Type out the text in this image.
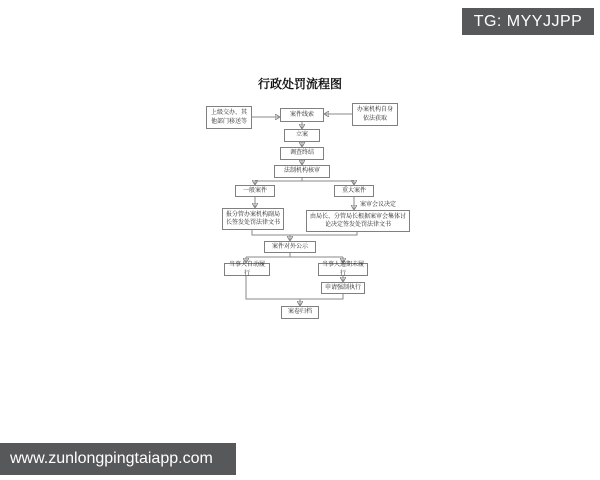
行政处罚流程图
上级交办、其他部门移送等
办案机构自身依法获取
案件线索
立案
调查终结
法制机构核审
一般案件	重大案件
案审会议决定
报分管办案机构副局长签发处罚法律文书
由局长、分管局长根据案审会集体讨论决定签发处罚法律文书
案件对外公示
当事人自动履行
当事人逾期未履行
申请强制执行
案卷归档
TG: MYYJJPP
www.zunlongpingtaiapp.com
